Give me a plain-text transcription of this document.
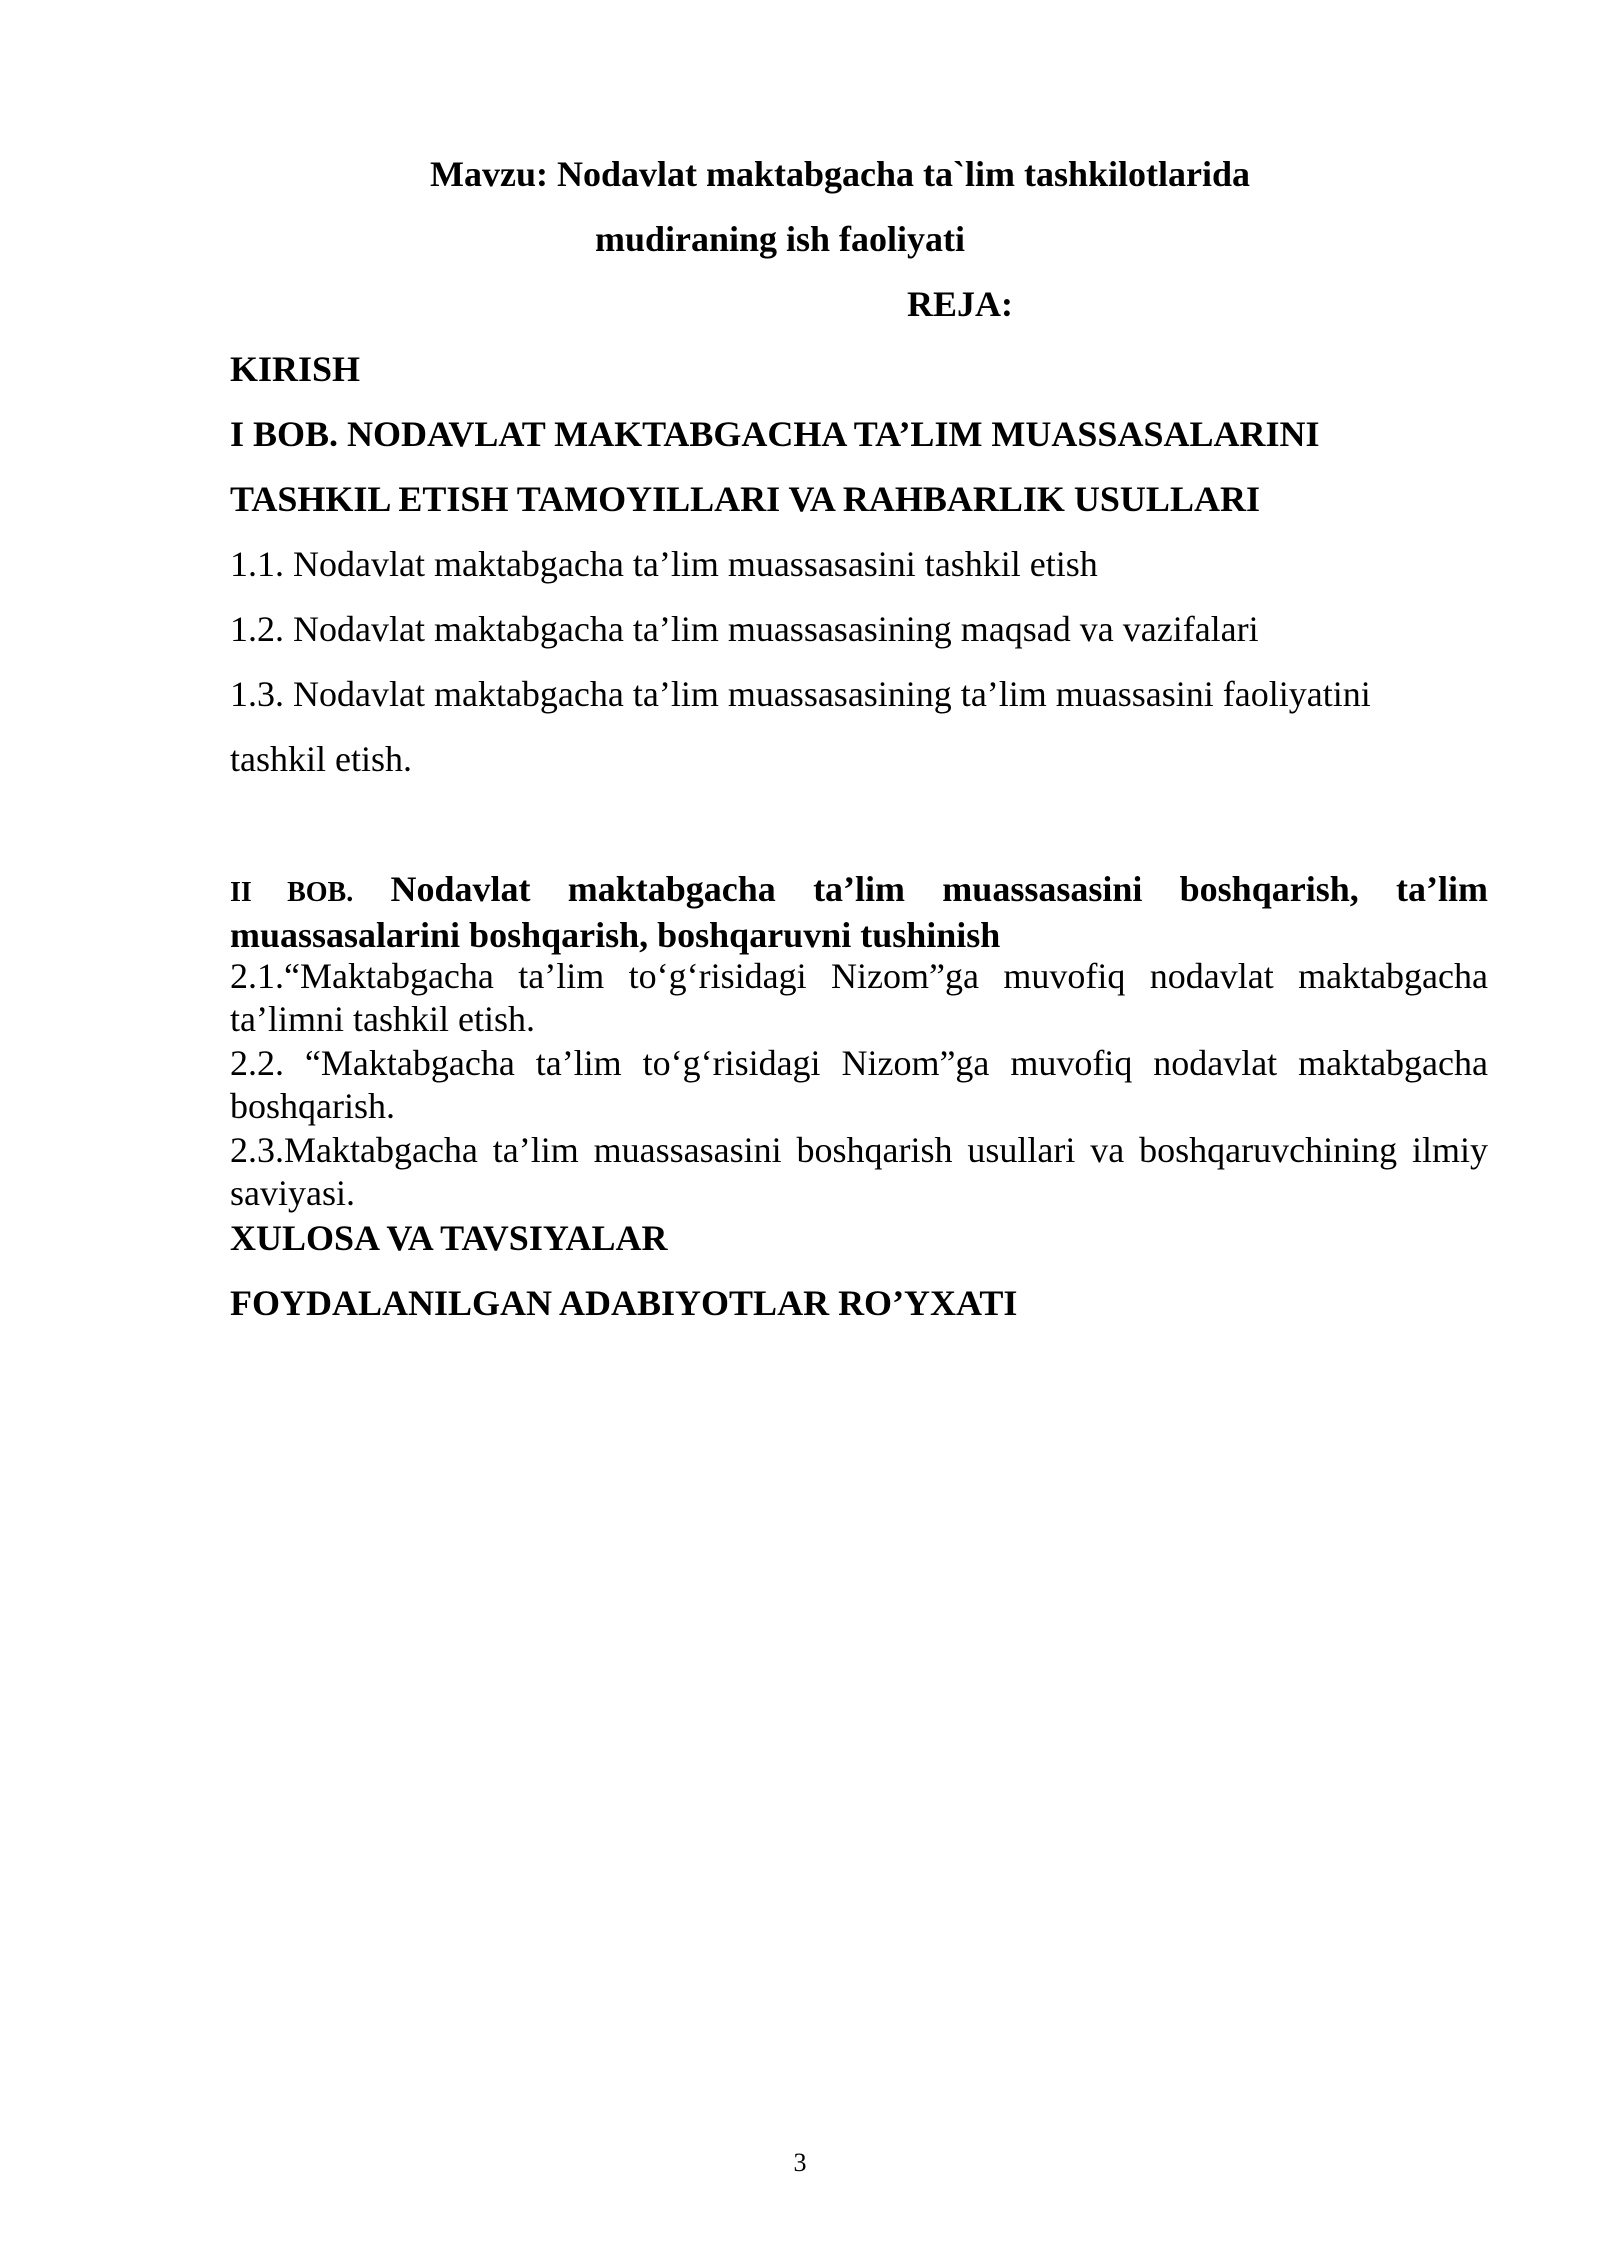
Mavzu: Nodavlat maktabgacha ta`lim tashkilotlarida
mudiraning ish faoliyati
REJA:
KIRISH
I BOB. NODAVLAT MAKTABGACHA TA’LIM MUASSASALARINI
TASHKIL ETISH TAMOYILLARI VA RAHBARLIK USULLARI
1.1. Nodavlat maktabgacha ta’lim muassasasini tashkil etish
1.2. Nodavlat maktabgacha ta’lim muassasasining maqsad va vazifalari
1.3. Nodavlat maktabgacha ta’lim muassasasining ta’lim muassasini faoliyatini
tashkil etish.
II BOB. Nodavlat maktabgacha ta’lim muassasasini boshqarish, ta’lim muassasalarini boshqarish, boshqaruvni tushinish
2.1.“Maktabgacha ta’lim to‘g‘risidagi Nizom”ga muvofiq nodavlat maktabgacha ta’limni tashkil etish.
2.2. “Maktabgacha ta’lim to‘g‘risidagi Nizom”ga muvofiq nodavlat maktabgacha boshqarish.
2.3.Maktabgacha ta’lim muassasasini boshqarish usullari va boshqaruvchining ilmiy saviyasi.
XULOSA VA TAVSIYALAR
FOYDALANILGAN ADABIYOTLAR RO’YXATI
3
